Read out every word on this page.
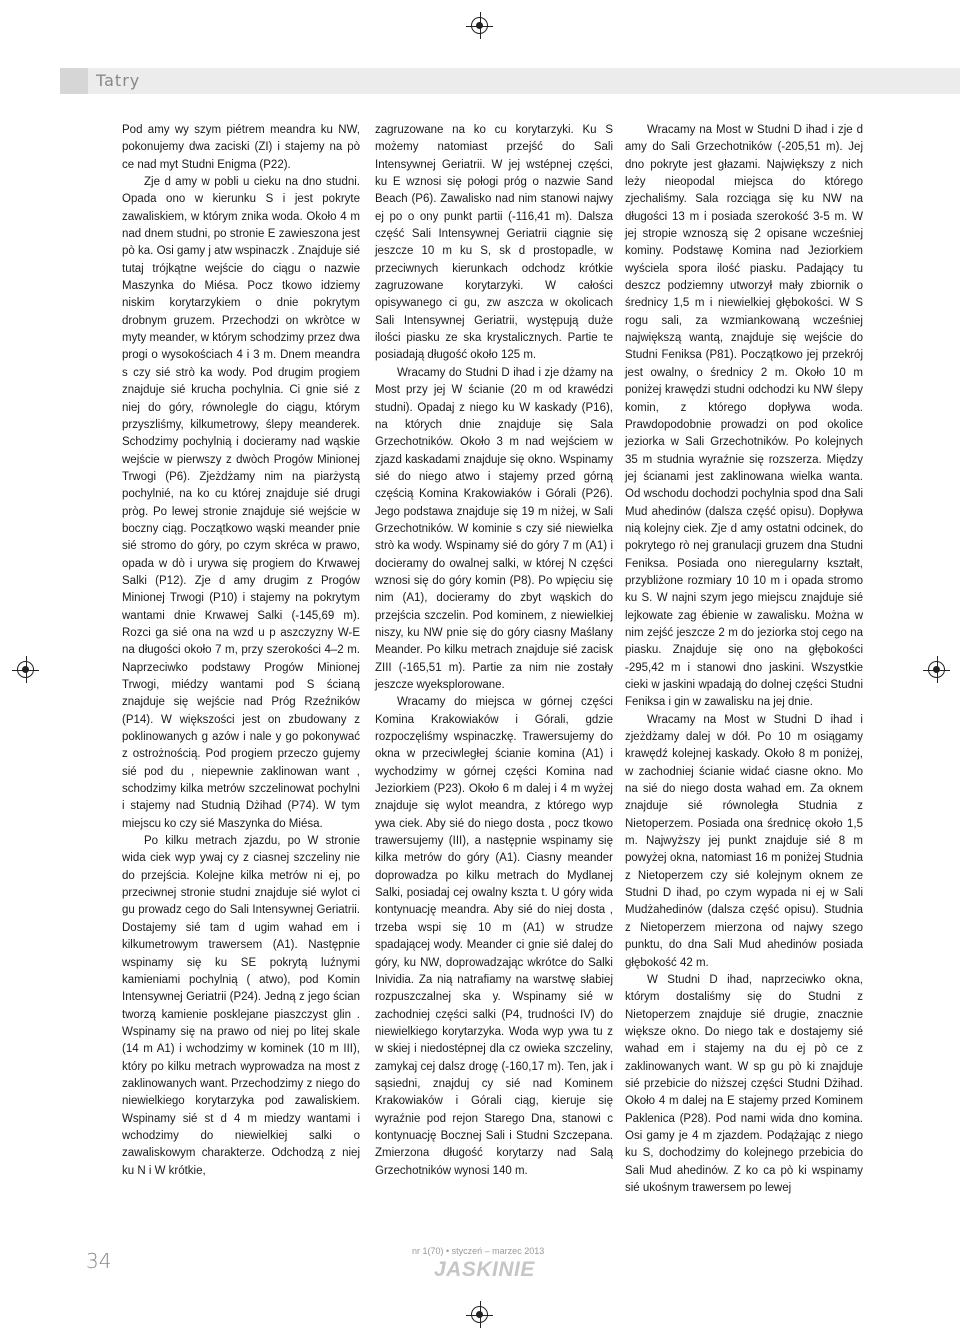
Tatry

Pod amy wy szym piétrem meandra ku NW, pokonujemy dwa zaciski (ZI) i stajemy na pò ce nad myt Studni Enigma (P22).

Zje d amy w pobli u cieku na dno studni. Opada ono w kierunku S i jest pokryte zawaliskiem, w którym znika woda. Około 4 m nad dnem studni, po stronie E zawieszona jest pò ka. Osi gamy j atw wspinaczk . Znajduje sié tutaj trójkątne wejście do ciągu o nazwie Maszynka do Miésa. Pocz tkowo idziemy niskim korytarzykiem o dnie pokrytym drobnym gruzem. Przechodzi on wkròtce w myty meander, w którym schodzimy przez dwa progi o wysokościach 4 i 3 m. Dnem meandra s czy sié strò ka wody. Pod drugim progiem znajduje sié krucha pochylnia. Ci gnie sié z niej do góry, równolegle do ciągu, którym przyszliśmy, kilkumetrowy, ślepy meanderek. Schodzimy pochylnią i docieramy nad wąskie wejście w pierwszy z dwòch Progów Minionej Trwogi (P6). Zjeżdżamy nim na piarżystą pochylnié, na ko cu której znajduje sié drugi pròg. Po lewej stronie znajduje sié wejście w boczny ciąg. Początkowo wąski meander pnie sié stromo do góry, po czym skréca w prawo, opada w dò i urywa się progiem do Krwawej Salki (P12). Zje d amy drugim z Progów Minionej Trwogi (P10) i stajemy na pokrytym wantami dnie Krwawej Salki (-145,69 m). Rozci ga sié ona na wzd u p aszczyzny W-E na długości około 7 m, przy szerokości 4–2 m. Naprzeciwko podstawy Progów Minionej Trwogi, miédzy wantami pod S ścianą znajduje się wejście nad Próg Rzeźników (P14). W większości jest on zbudowany z poklinowanych g azów i nale y go pokonywać z ostrożnością. Pod progiem przeczo gujemy sié pod du , niepewnie zaklinowan want , schodzimy kilka metrów szczelinowat pochylni i stajemy nad Studnią Dżihad (P74). W tym miejscu ko czy sié Maszynka do Miésa.

Po kilku metrach zjazdu, po W stronie wida ciek wyp ywaj cy z ciasnej szczeliny nie do przejścia. Kolejne kilka metrów ni ej, po przeciwnej stronie studni znajduje sié wylot ci gu prowadz cego do Sali Intensywnej Geriatrii. Dostajemy sié tam d ugim wahad em i kilkumetrowym trawersem (A1). Następnie wspinamy się ku SE pokrytą luźnymi kamieniami pochylnią ( atwo), pod Komin Intensywnej Geriatrii (P24). Jedną z jego ścian tworzą kamienie posklejane piaszczyst glin . Wspinamy się na prawo od niej po litej skale (14 m A1) i wchodzimy w kominek (10 m III), który po kilku metrach wyprowadza na most z zaklinowanych want. Przechodzimy z niego do niewielkiego korytarzyka pod zawaliskiem. Wspinamy sié st d 4 m miedzy wantami i wchodzimy do niewielkiej salki o zawaliskowym charakterze. Odchodzą z niej ku N i W krótkie,

zagruzowane na ko cu korytarzyki. Ku S możemy natomiast przejść do Sali Intensywnej Geriatrii. W jej wstépnej części, ku E wznosi się połogi próg o nazwie Sand Beach (P6). Zawalisko nad nim stanowi najwy ej po o ony punkt partii (-116,41 m). Dalsza część Sali Intensywnej Geriatrii ciągnie się jeszcze 10 m ku S, sk d prostopadle, w przeciwnych kierunkach odchodz krótkie zagruzowane korytarzyki. W całości opisywanego ci gu, zw aszcza w okolicach Sali Intensywnej Geriatrii, występują duże ilości piasku ze ska krystalicznych. Partie te posiadają długość około 125 m.

Wracamy do Studni D ihad i zje dżamy na Most przy jej W ścianie (20 m od krawédzi studni). Opadaj z niego ku W kaskady (P16), na których dnie znajduje się Sala Grzechotników. Około 3 m nad wejściem w zjazd kaskadami znajduje się okno. Wspinamy sié do niego atwo i stajemy przed górną częścią Komina Krakowiaków i Górali (P26). Jego podstawa znajduje się 19 m niżej, w Sali Grzechotników. W kominie s czy sié niewielka strò ka wody. Wspinamy sié do góry 7 m (A1) i docieramy do owalnej salki, w której N części wznosi się do góry komin (P8). Po wpięciu się nim (A1), docieramy do zbyt wąskich do przejścia szczelin. Pod kominem, z niewielkiej niszy, ku NW pnie się do góry ciasny Maślany Meander. Po kilku metrach znajduje sié zacisk ZIII (-165,51 m). Partie za nim nie zostały jeszcze wyeksplorowane.

Wracamy do miejsca w górnej części Komina Krakowiaków i Górali, gdzie rozpoczęliśmy wspinaczkę. Trawersujemy do okna w przeciwległej ścianie komina (A1) i wychodzimy w górnej części Komina nad Jeziorkiem (P23). Około 6 m dalej i 4 m wyżej znajduje się wylot meandra, z którego wyp ywa ciek. Aby sié do niego dosta , pocz tkowo trawersujemy (III), a następnie wspinamy się kilka metrów do góry (A1). Ciasny meander doprowadza po kilku metrach do Mydlanej Salki, posiadaj cej owalny kszta t. U góry wida kontynuację meandra. Aby sié do niej dosta , trzeba wspi się 10 m (A1) w strudze spadającej wody. Meander ci gnie sié dalej do góry, ku NW, doprowadzając wkrótce do Salki Inividia. Za nią natrafiamy na warstwę słabiej rozpuszczalnej ska y. Wspinamy sié w zachodniej części salki (P4, trudności IV) do niewielkiego korytarzyka. Woda wyp ywa tu z w skiej i niedostépnej dla cz owieka szczeliny, zamykaj cej dalsz drogę (-160,17 m). Ten, jak i sąsiedni, znajduj cy sié nad Kominem Krakowiaków i Górali ciąg, kieruje się wyraźnie pod rejon Starego Dna, stanowi c kontynuację Bocznej Sali i Studni Szczepana. Zmierzona długość korytarzy nad Salą Grzechotników wynosi 140 m.

Wracamy na Most w Studni D ihad i zje d amy do Sali Grzechotników (-205,51 m). Jej dno pokryte jest głazami. Największy z nich leży nieopodal miejsca do którego zjechaliśmy. Sala rozciąga się ku NW na długości 13 m i posiada szerokość 3-5 m. W jej stropie wznoszą się 2 opisane wcześniej kominy. Podstawę Komina nad Jeziorkiem wyściela spora ilość piasku. Padający tu deszcz podziemny utworzył mały zbiornik o średnicy 1,5 m i niewielkiej głębokości. W S rogu sali, za wzmiankowaną wcześniej największą wantą, znajduje się wejście do Studni Feniksa (P81). Początkowo jej przekrój jest owalny, o średnicy 2 m. Około 10 m poniżej krawędzi studni odchodzi ku NW ślepy komin, z którego dopływa woda. Prawdopodobnie prowadzi on pod okolice jeziorka w Sali Grzechotników. Po kolejnych 35 m studnia wyraźnie się rozszerza. Między jej ścianami jest zaklinowana wielka wanta. Od wschodu dochodzi pochylnia spod dna Sali Mud ahedinów (dalsza część opisu). Dopływa nią kolejny ciek. Zje d amy ostatni odcinek, do pokrytego rò nej granulacji gruzem dna Studni Feniksa. Posiada ono nieregularny kształt, przybliżone rozmiary 10 10 m i opada stromo ku S. W najni szym jego miejscu znajduje sié lejkowate zag ébienie w zawalisku. Można w nim zejść jeszcze 2 m do jeziorka stoj cego na piasku. Znajduje się ono na głębokości -295,42 m i stanowi dno jaskini. Wszystkie cieki w jaskini wpadają do dolnej części Studni Feniksa i gin w zawalisku na jej dnie.

Wracamy na Most w Studni D ihad i zjeżdżamy dalej w dół. Po 10 m osiągamy krawędź kolejnej kaskady. Około 8 m poniżej, w zachodniej ścianie widać ciasne okno. Mo na sié do niego dosta wahad em. Za oknem znajduje sié równoległa Studnia z Nietoperzem. Posiada ona średnicę około 1,5 m. Najwyższy jej punkt znajduje sié 8 m powyżej okna, natomiast 16 m poniżej Studnia z Nietoperzem czy sié kolejnym oknem ze Studni D ihad, po czym wypada ni ej w Sali Mudżahedinów (dalsza część opisu). Studnia z Nietoperzem mierzona od najwy szego punktu, do dna Sali Mud ahedinów posiada głębokość 42 m.

W Studni D ihad, naprzeciwko okna, którym dostaliśmy się do Studni z Nietoperzem znajduje sié drugie, znacznie większe okno. Do niego tak e dostajemy sié wahad em i stajemy na du ej pò ce z zaklinowanych want. W sp gu pò ki znajduje sié przebicie do niższej części Studni Dżihad. Około 4 m dalej na E stajemy przed Kominem Paklenica (P28). Pod nami wida dno komina. Osi gamy je 4 m zjazdem. Podążając z niego ku S, dochodzimy do kolejnego przebicia do Sali Mud ahedinów. Z ko ca pò ki wspinamy sié ukośnym trawersem po lewej

34	nr 1(70) • styczeń – marzec 2013
JASKINIE
